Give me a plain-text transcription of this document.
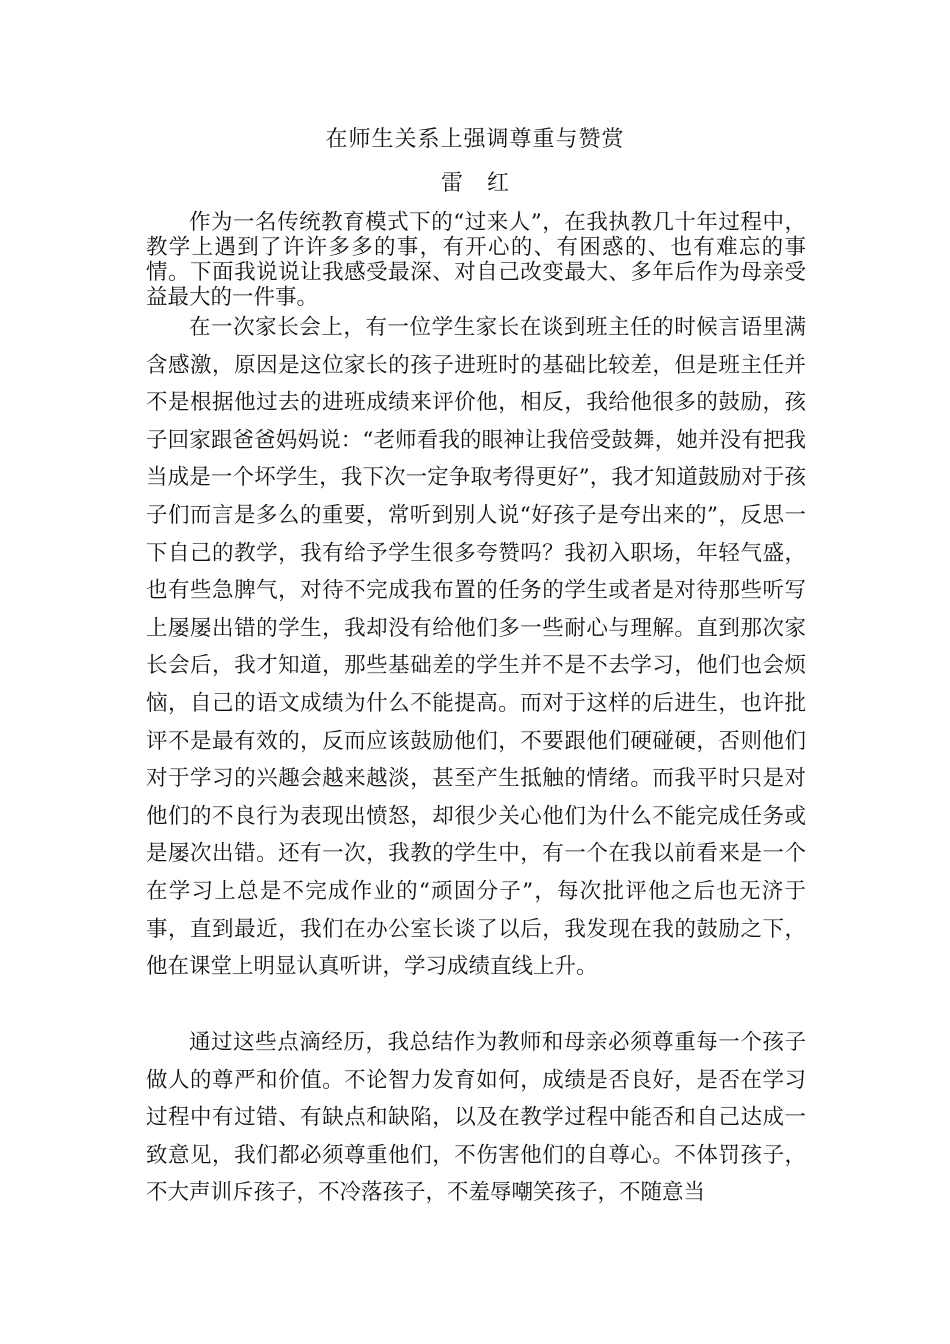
在师生关系上强调尊重与赞赏
雷红

作为一名传统教育模式下的“过来人”，在我执教几十年过程中，教学上遇到了许许多多的事，有开心的、有困惑的、也有难忘的事情。下面我说说让我感受最深、对自己改变最大、多年后作为母亲受益最大的一件事。

在一次家长会上，有一位学生家长在谈到班主任的时候言语里满含感激，原因是这位家长的孩子进班时的基础比较差，但是班主任并不是根据他过去的进班成绩来评价他，相反，我给他很多的鼓励，孩子回家跟爸爸妈妈说：“老师看我的眼神让我倍受鼓舞，她并没有把我当成是一个坏学生，我下次一定争取考得更好”，我才知道鼓励对于孩子们而言是多么的重要，常听到别人说“好孩子是夸出来的”，反思一下自己的教学，我有给予学生很多夸赞吗？我初入职场，年轻气盛，也有些急脾气，对待不完成我布置的任务的学生或者是对待那些听写上屡屡出错的学生，我却没有给他们多一些耐心与理解。直到那次家长会后，我才知道，那些基础差的学生并不是不去学习，他们也会烦恼，自己的语文成绩为什么不能提高。而对于这样的后进生，也许批评不是最有效的，反而应该鼓励他们，不要跟他们硬碰硬，否则他们对于学习的兴趣会越来越淡，甚至产生抵触的情绪。而我平时只是对他们的不良行为表现出愤怒，却很少关心他们为什么不能完成任务或是屡次出错。还有一次，我教的学生中，有一个在我以前看来是一个在学习上总是不完成作业的“顽固分子”，每次批评他之后也无济于事，直到最近，我们在办公室长谈了以后，我发现在我的鼓励之下，他在课堂上明显认真听讲，学习成绩直线上升。

通过这些点滴经历，我总结作为教师和母亲必须尊重每一个孩子做人的尊严和价值。不论智力发育如何，成绩是否良好，是否在学习过程中有过错、有缺点和缺陷，以及在教学过程中能否和自己达成一致意见，我们都必须尊重他们，不伤害他们的自尊心。不体罚孩子，不大声训斥孩子，不冷落孩子，不羞辱嘲笑孩子，不随意当
